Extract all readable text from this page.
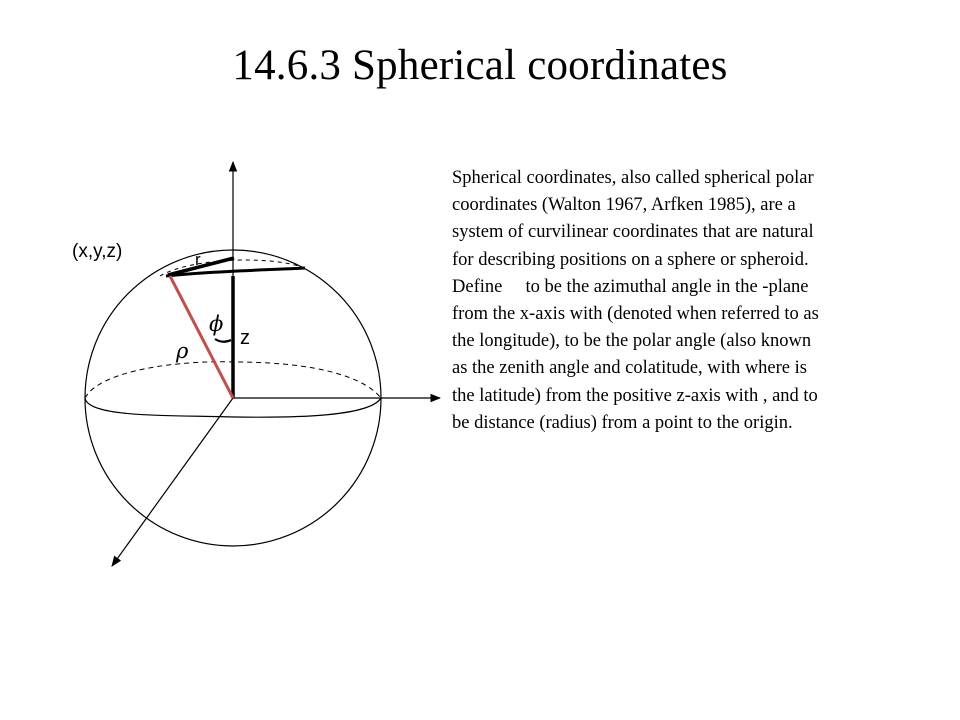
14.6.3 Spherical coordinates
(x,y,z)	r
z
ϕ
ρ
Spherical coordinates, also called spherical polar
coordinates (Walton 1967, Arfken 1985), are a
system of curvilinear coordinates that are natural
for describing positions on a sphere or spheroid.
Define     to be the azimuthal angle in the -plane
from the x-axis with (denoted when referred to as
the longitude), to be the polar angle (also known
as the zenith angle and colatitude, with where is
the latitude) from the positive z-axis with , and to
be distance (radius) from a point to the origin.
